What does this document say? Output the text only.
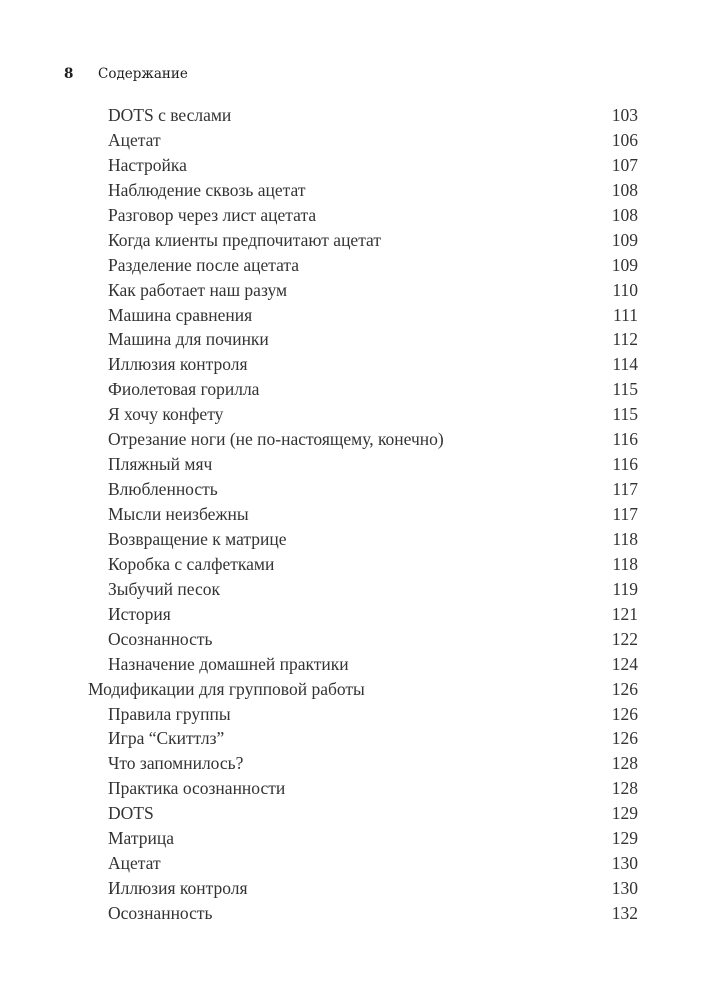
8 Содержание
DOTS с веслами	103
Ацетат	106
Настройка	107
Наблюдение сквозь ацетат	108
Разговор через лист ацетата	108
Когда клиенты предпочитают ацетат	109
Разделение после ацетата	109
Как работает наш разум	110
Машина сравнения	111
Машина для починки	112
Иллюзия контроля	114
Фиолетовая горилла	115
Я хочу конфету	115
Отрезание ноги (не по-настоящему, конечно)	116
Пляжный мяч	116
Влюбленность	117
Мысли неизбежны	117
Возвращение к матрице	118
Коробка с салфетками	118
Зыбучий песок	119
История	121
Осознанность	122
Назначение домашней практики	124
Модификации для групповой работы	126
Правила группы	126
Игра “Скиттлз”	126
Что запомнилось?	128
Практика осознанности	128
DOTS	129
Матрица	129
Ацетат	130
Иллюзия контроля	130
Осознанность	132
